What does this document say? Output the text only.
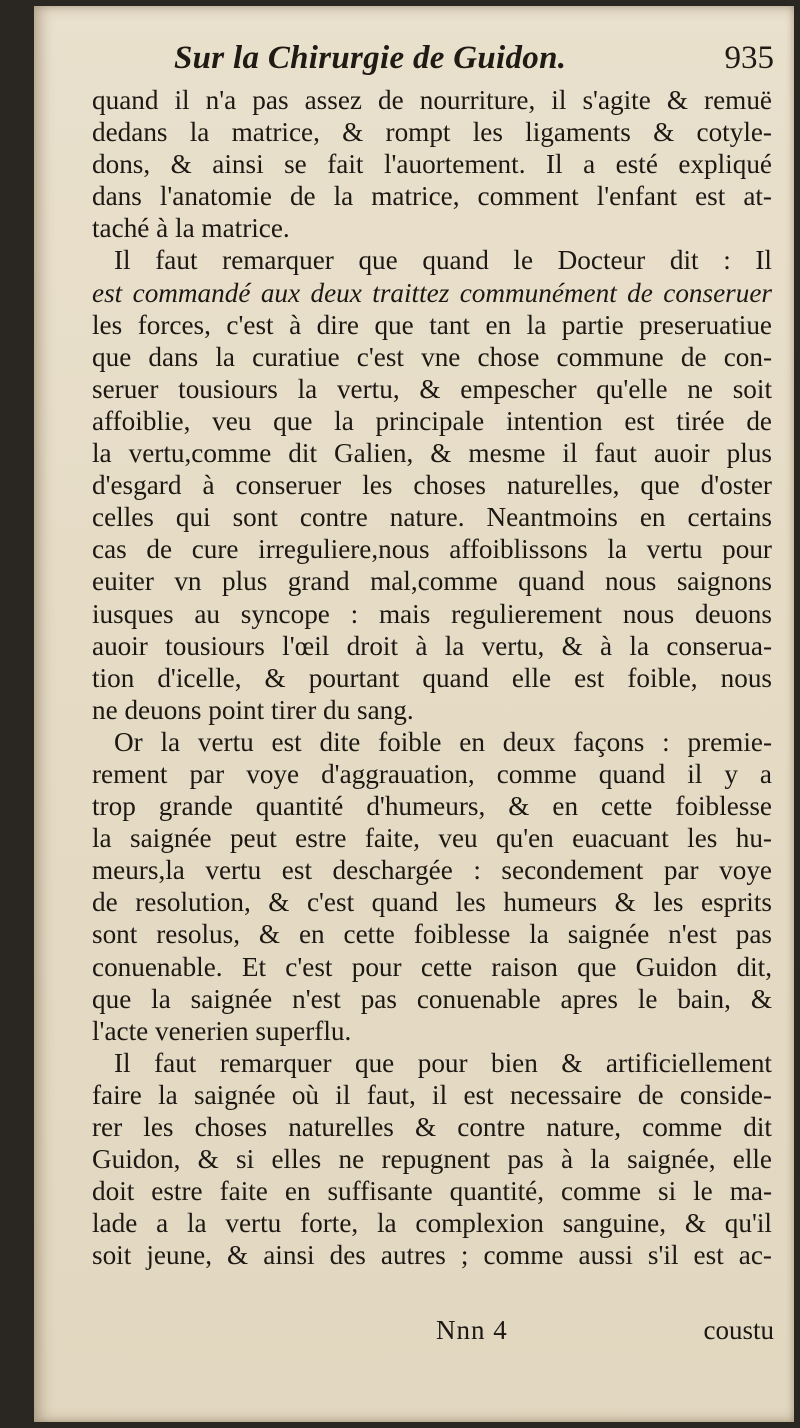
Sur la Chirurgie de Guidon.	935
quand il n'a pas assez de nourriture, il s'agite & remuë
dedans la matrice, & rompt les ligaments & cotyle-
dons, & ainsi se fait l'auortement. Il a esté expliqué
dans l'anatomie de la matrice, comment l'enfant est at-
taché à la matrice.
Il faut remarquer que quand le Docteur dit : Il
est commandé aux deux traittez communément de conseruer
les forces, c'est à dire que tant en la partie preseruatiue
que dans la curatiue c'est vne chose commune de con-
seruer tousiours la vertu, & empescher qu'elle ne soit
affoiblie, veu que la principale intention est tirée de
la vertu,comme dit Galien, & mesme il faut auoir plus
d'esgard à conseruer les choses naturelles, que d'oster
celles qui sont contre nature. Neantmoins en certains
cas de cure irreguliere,nous affoiblissons la vertu pour
euiter vn plus grand mal,comme quand nous saignons
iusques au syncope : mais regulierement nous deuons
auoir tousiours l'œil droit à la vertu, & à la conserua-
tion d'icelle, & pourtant quand elle est foible, nous
ne deuons point tirer du sang.
Or la vertu est dite foible en deux façons : premie-
rement par voye d'aggrauation, comme quand il y a
trop grande quantité d'humeurs, & en cette foiblesse
la saignée peut estre faite, veu qu'en euacuant les hu-
meurs,la vertu est deschargée : secondement par voye
de resolution, & c'est quand les humeurs & les esprits
sont resolus, & en cette foiblesse la saignée n'est pas
conuenable. Et c'est pour cette raison que Guidon dit,
que la saignée n'est pas conuenable apres le bain, &
l'acte venerien superflu.
Il faut remarquer que pour bien & artificiellement
faire la saignée où il faut, il est necessaire de conside-
rer les choses naturelles & contre nature, comme dit
Guidon, & si elles ne repugnent pas à la saignée, elle
doit estre faite en suffisante quantité, comme si le ma-
lade a la vertu forte, la complexion sanguine, & qu'il
soit jeune, & ainsi des autres ; comme aussi s'il est ac-
Nnn 4	coustu
